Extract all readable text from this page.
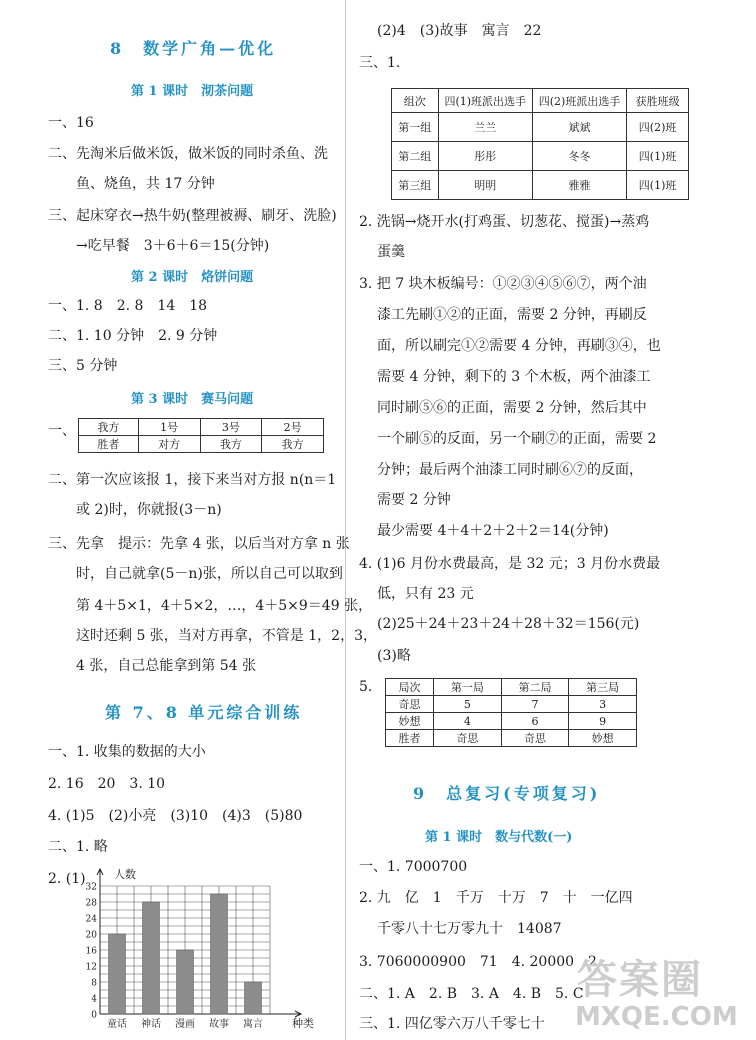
8　数学广角—优化
第 1 课时　沏茶问题
一、16
二、先淘米后做米饭，做米饭的同时杀鱼、洗
鱼、烧鱼，共 17 分钟
三、起床穿衣→热牛奶(整理被褥、刷牙、洗脸)
→吃早餐　3＋6＋6＝15(分钟)
第 2 课时　烙饼问题
一、1. 8　2. 8　14　18
二、1. 10 分钟　2. 9 分钟
三、5 分钟
第 3 课时　赛马问题
一、 我方	1号	3号	2号
胜者	对方	我方	我方
二、第一次应该报 1，接下来当对方报 n(n＝1
或 2)时，你就报(3－n)
三、先拿　提示：先拿 4 张，以后当对方拿 n 张
时，自己就拿(5－n)张，所以自己可以取到
第 4＋5×1，4＋5×2，…，4＋5×9＝49 张，
这时还剩 5 张，当对方再拿，不管是 1，2，3，
4 张，自己总能拿到第 54 张
第 7、8 单元综合训练
一、1. 收集的数据的大小
2. 16　20　3. 10
4. (1)5　(2)小亮　(3)10　(4)3　(5)80
二、1. 略
2. (1)
0
4
8
12
16
20
24
28
32
童话 神话 漫画 故事 寓言
人数
种类
(2)4　(3)故事　寓言　22
三、1.
组次	四(1)班派出选手	四(2)班派出选手	获胜班级
第一组	兰兰	斌斌	四(2)班
第二组	彤彤	冬冬	四(1)班
第三组	明明	雅雅	四(1)班
2. 洗锅→烧开水(打鸡蛋、切葱花、搅蛋)→蒸鸡
蛋羹
3. 把 7 块木板编号：①②③④⑤⑥⑦，两个油
漆工先刷①②的正面，需要 2 分钟，再刷反
面，所以刷完①②需要 4 分钟，再刷③④，也
需要 4 分钟，剩下的 3 个木板，两个油漆工
同时刷⑤⑥的正面，需要 2 分钟，然后其中
一个刷⑤的反面，另一个刷⑦的正面，需要 2
分钟；最后两个油漆工同时刷⑥⑦的反面，
需要 2 分钟
最少需要 4＋4＋2＋2＋2＝14(分钟)
4. (1)6 月份水费最高，是 32 元；3 月份水费最
低，只有 23 元
(2)25＋24＋23＋24＋28＋32＝156(元)
(3)略
5. 局次	第一局	第二局	第三局
奇思	5	7	3
妙想	4	6	9
胜者	奇思	奇思	妙想
9　总复习(专项复习)
第 1 课时　数与代数(一)
一、1. 7000700
2. 九　亿　1　千万　十万　7　十　一亿四
千零八十七万零九十　14087
3. 7060000900　71　4. 20000　2
二、1. A　2. B　3. A　4. B　5. C
三、1. 四亿零六万八千零七十
答案圈
MXQE.COM
